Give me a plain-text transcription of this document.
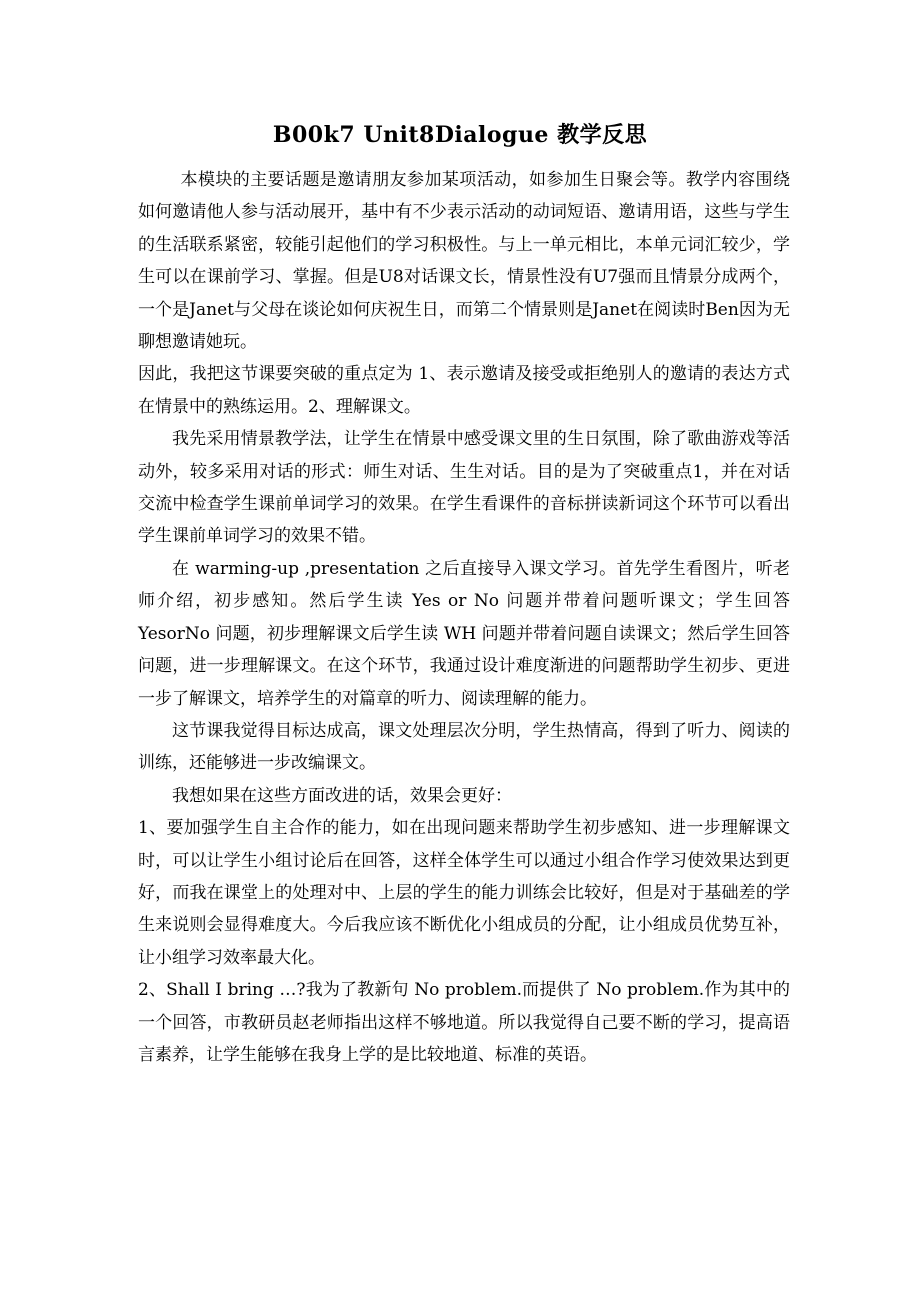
B00k7 Unit8Dialogue 教学反思

本模块的主要话题是邀请朋友参加某项活动，如参加生日聚会等。教学内容围绕如何邀请他人参与活动展开，基中有不少表示活动的动词短语、邀请用语，这些与学生的生活联系紧密，较能引起他们的学习积极性。与上一单元相比，本单元词汇较少，学生可以在课前学习、掌握。但是U8对话课文长，情景性没有U7强而且情景分成两个，一个是Janet与父母在谈论如何庆祝生日，而第二个情景则是Janet在阅读时Ben因为无聊想邀请她玩。

因此，我把这节课要突破的重点定为 1、表示邀请及接受或拒绝别人的邀请的表达方式在情景中的熟练运用。2、理解课文。

我先采用情景教学法，让学生在情景中感受课文里的生日氛围，除了歌曲游戏等活动外，较多采用对话的形式：师生对话、生生对话。目的是为了突破重点1，并在对话交流中检查学生课前单词学习的效果。在学生看课件的音标拼读新词这个环节可以看出学生课前单词学习的效果不错。

在 warming-up ,presentation 之后直接导入课文学习。首先学生看图片，听老师介绍，初步感知。然后学生读 Yes or No 问题并带着问题听课文；学生回答 YesorNo 问题，初步理解课文后学生读 WH 问题并带着问题自读课文；然后学生回答问题，进一步理解课文。在这个环节，我通过设计难度渐进的问题帮助学生初步、更进一步了解课文，培养学生的对篇章的听力、阅读理解的能力。

这节课我觉得目标达成高，课文处理层次分明，学生热情高，得到了听力、阅读的训练，还能够进一步改编课文。

我想如果在这些方面改进的话，效果会更好：

1、要加强学生自主合作的能力，如在出现问题来帮助学生初步感知、进一步理解课文时，可以让学生小组讨论后在回答，这样全体学生可以通过小组合作学习使效果达到更好，而我在课堂上的处理对中、上层的学生的能力训练会比较好，但是对于基础差的学生来说则会显得难度大。今后我应该不断优化小组成员的分配，让小组成员优势互补，让小组学习效率最大化。

2、Shall I bring …?我为了教新句 No problem.而提供了 No problem.作为其中的一个回答，市教研员赵老师指出这样不够地道。所以我觉得自己要不断的学习，提高语言素养，让学生能够在我身上学的是比较地道、标准的英语。
